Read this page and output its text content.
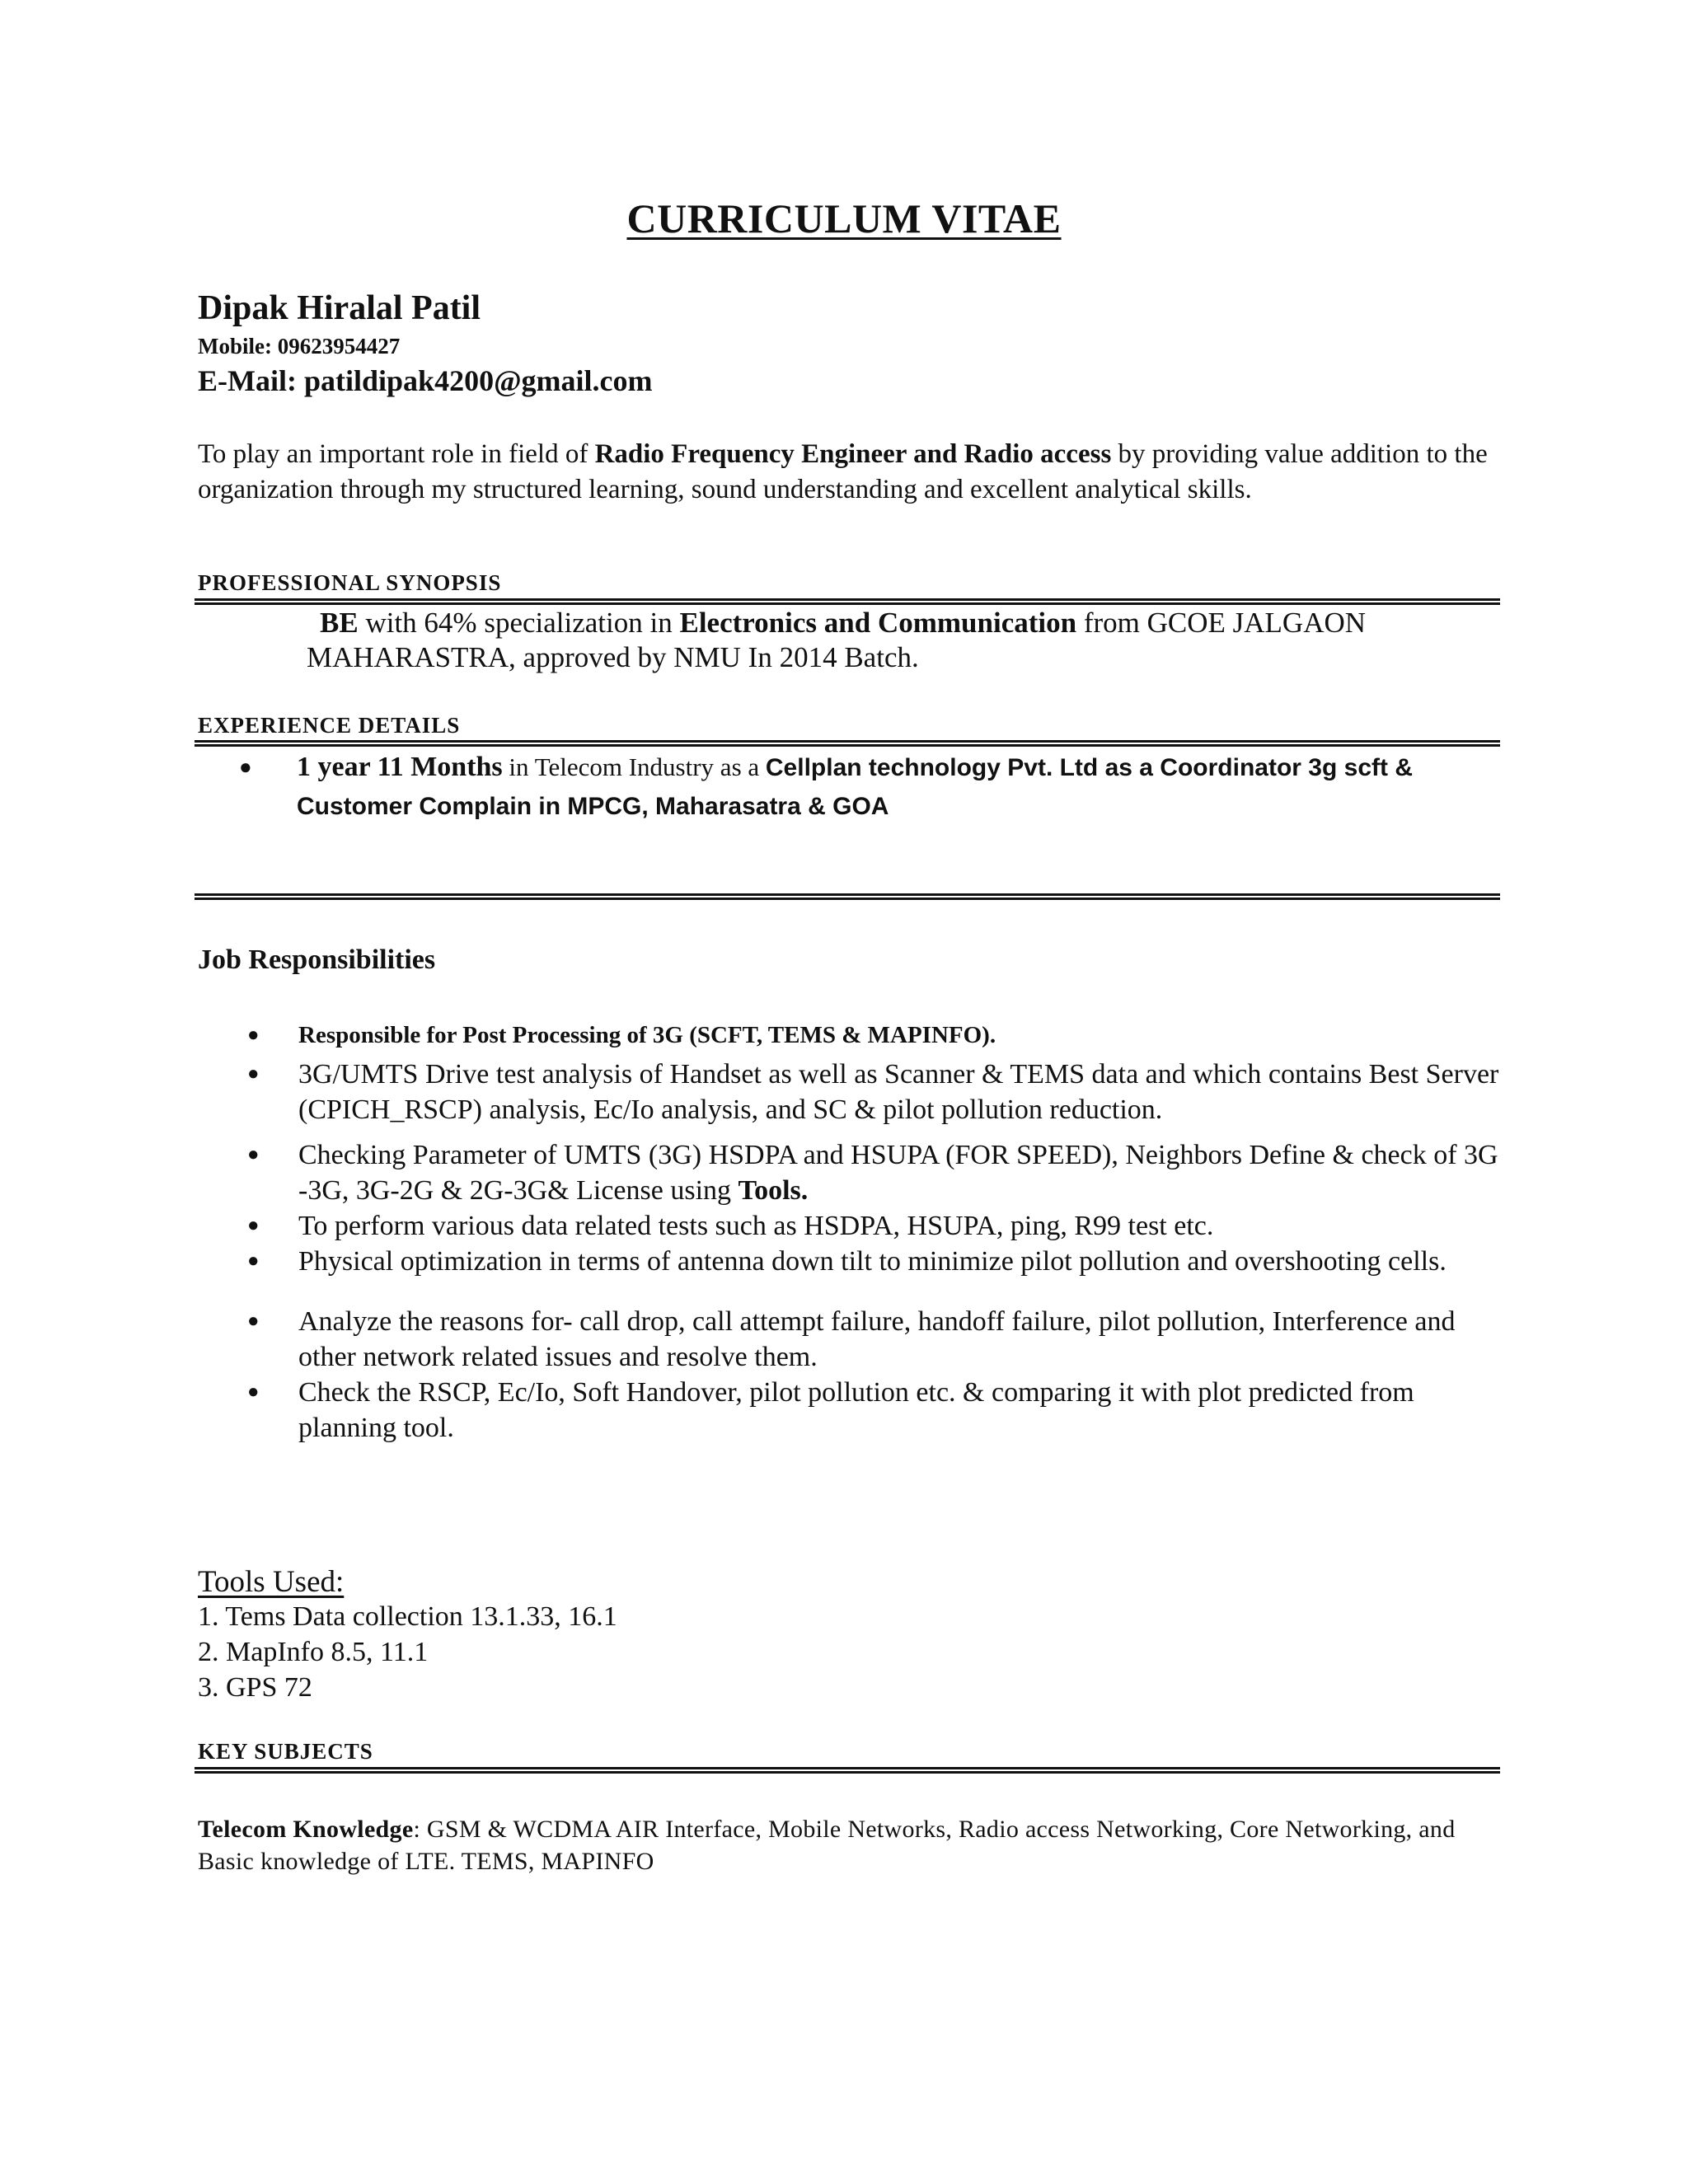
CURRICULUM VITAE
Dipak Hiralal Patil
Mobile: 09623954427
E-Mail: patildipak4200@gmail.com
To play an important role in field of Radio Frequency Engineer and Radio access by providing value addition to the organization through my structured learning, sound understanding and excellent analytical skills.
PROFESSIONAL SYNOPSIS
BE with 64% specialization in Electronics and Communication from GCOE JALGAON
MAHARASTRA, approved by NMU In 2014 Batch.
EXPERIENCE DETAILS
● 1 year 11 Months in Telecom Industry as a Cellplan technology Pvt. Ltd as a Coordinator 3g scft & Customer Complain in MPCG, Maharasatra & GOA
Job Responsibilities
● Responsible for Post Processing of 3G (SCFT, TEMS & MAPINFO).
● 3G/UMTS Drive test analysis of Handset as well as Scanner & TEMS data and which contains Best Server (CPICH_RSCP) analysis, Ec/Io analysis, and SC & pilot pollution reduction.
● Checking Parameter of UMTS (3G) HSDPA and HSUPA (FOR SPEED), Neighbors Define & check of 3G -3G, 3G-2G & 2G-3G& License using Tools.
● To perform various data related tests such as HSDPA, HSUPA, ping, R99 test etc.
● Physical optimization in terms of antenna down tilt to minimize pilot pollution and overshooting cells.
● Analyze the reasons for- call drop, call attempt failure, handoff failure, pilot pollution, Interference and other network related issues and resolve them.
● Check the RSCP, Ec/Io, Soft Handover, pilot pollution etc. & comparing it with plot predicted from planning tool.
Tools Used:
1. Tems Data collection 13.1.33, 16.1
2. MapInfo 8.5, 11.1
3. GPS 72
KEY SUBJECTS
Telecom Knowledge: GSM & WCDMA AIR Interface, Mobile Networks, Radio access Networking, Core Networking, and Basic knowledge of LTE. TEMS, MAPINFO
